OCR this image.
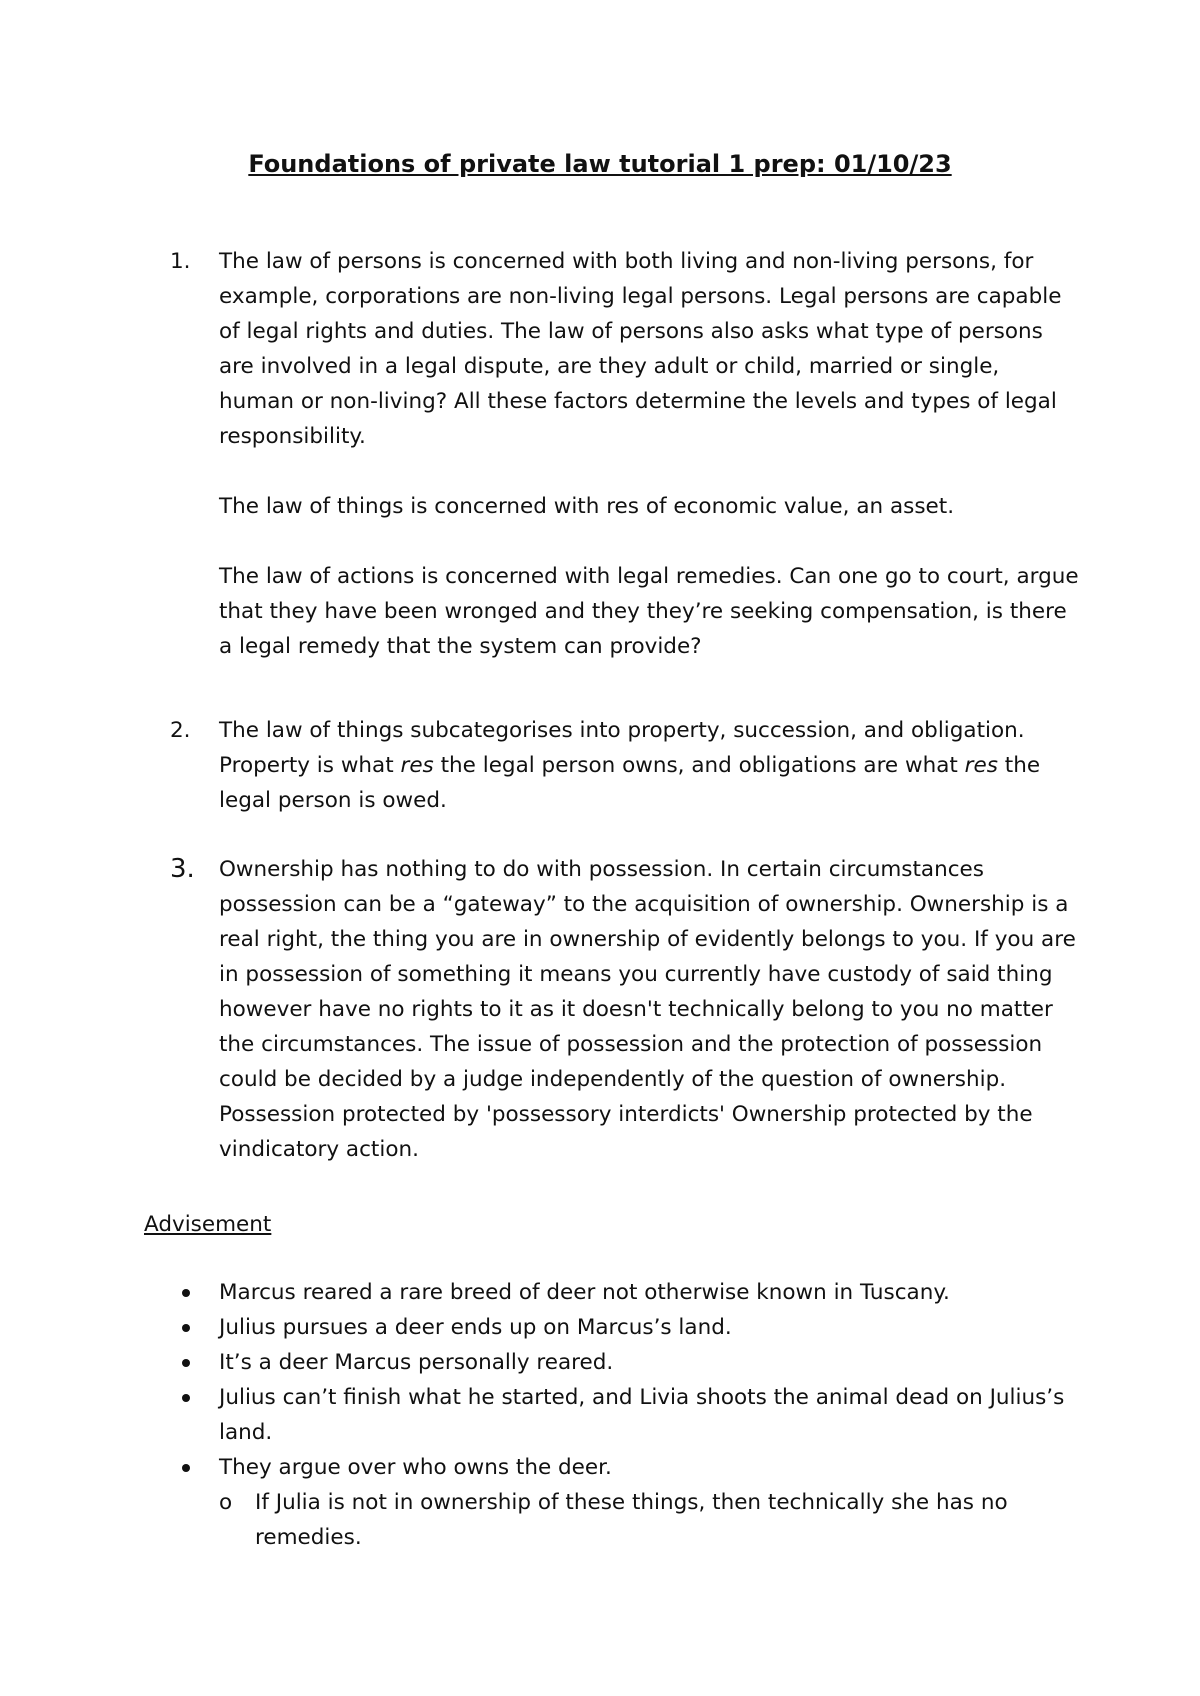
Foundations of private law tutorial 1 prep: 01/10/23
1.	The law of persons is concerned with both living and non-living persons, for example, corporations are non-living legal persons. Legal persons are capable of legal rights and duties. The law of persons also asks what type of persons are involved in a legal dispute, are they adult or child, married or single, human or non-living? All these factors determine the levels and types of legal responsibility.
The law of things is concerned with res of economic value, an asset.
The law of actions is concerned with legal remedies. Can one go to court, argue that they have been wronged and they they’re seeking compensation, is there a legal remedy that the system can provide?
2.	The law of things subcategorises into property, succession, and obligation. Property is what res the legal person owns, and obligations are what res the legal person is owed.
3.	Ownership has nothing to do with possession. In certain circumstances possession can be a “gateway” to the acquisition of ownership. Ownership is a real right, the thing you are in ownership of evidently belongs to you. If you are in possession of something it means you currently have custody of said thing however have no rights to it as it doesn't technically belong to you no matter the circumstances. The issue of possession and the protection of possession could be decided by a judge independently of the question of ownership. Possession protected by 'possessory interdicts' Ownership protected by the vindicatory action.
Advisement
Marcus reared a rare breed of deer not otherwise known in Tuscany.
Julius pursues a deer ends up on Marcus’s land.
It’s a deer Marcus personally reared.
Julius can’t finish what he started, and Livia shoots the animal dead on Julius’s land.
They argue over who owns the deer.
o If Julia is not in ownership of these things, then technically she has no remedies.
